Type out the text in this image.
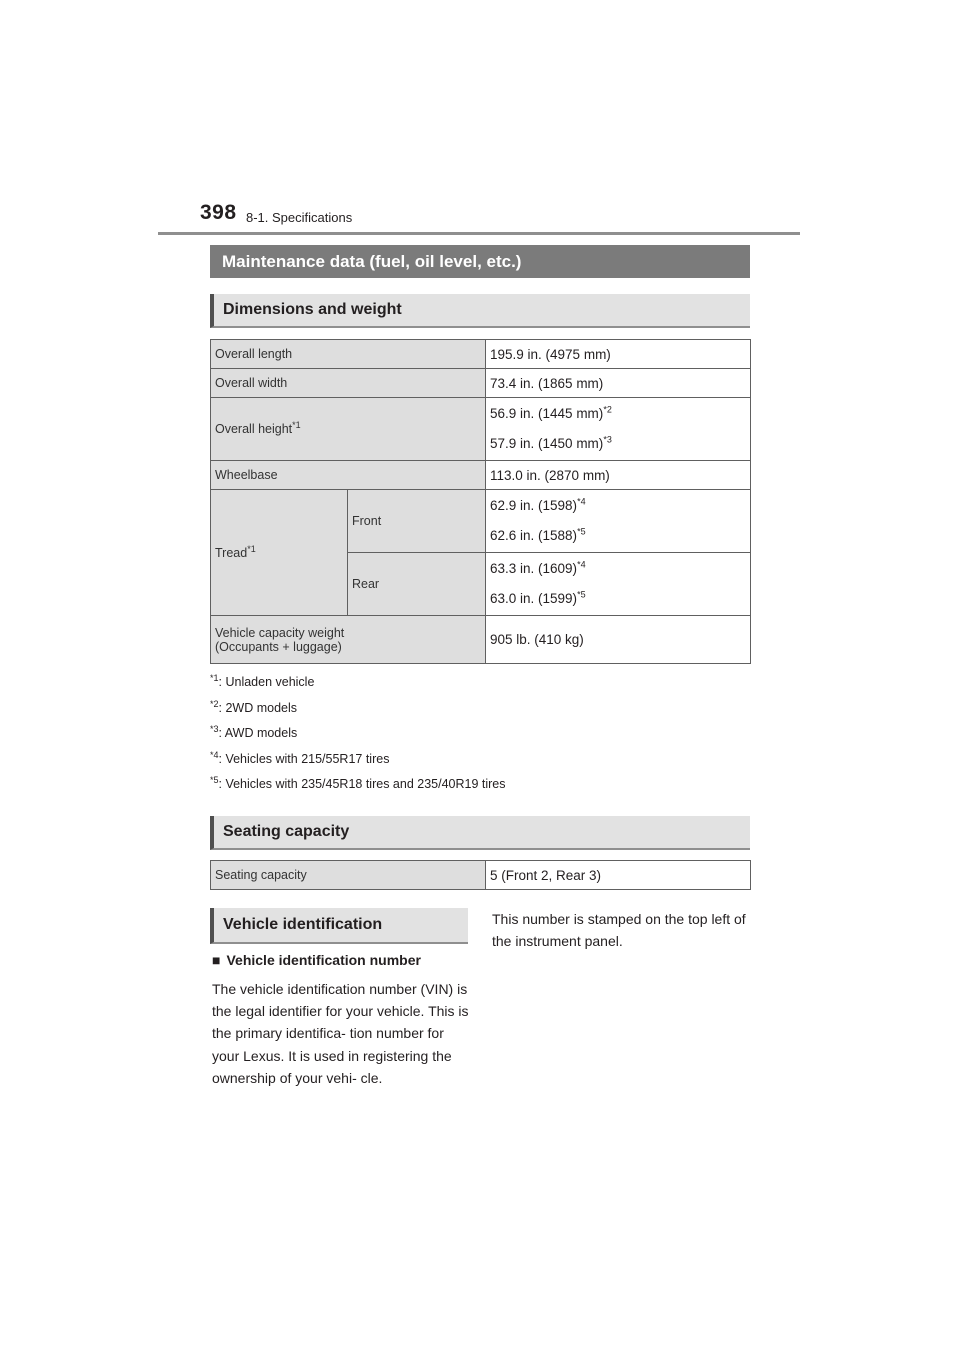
398 8-1. Specifications
Maintenance data (fuel, oil level, etc.)
Dimensions and weight
Overall length		195.9 in. (4975 mm)
Overall width		73.4 in. (1865 mm)
Overall height$^{*1}$		56.9 in. (1445 mm)$^{*2}$
57.9 in. (1450 mm)$^{*3}$

Wheelbase		113.0 in. (2870 mm)
Tread$^{*1}$	Front	62.9 in. $(1598)^{*4}$
62.6 in. $(1588)^{*5}$

	Rear	63.3 in. $(1609)^{*4}$
63.0 in. $(1599)^{*5}$

Vehicle capacity weight
(Occupants + luggage)		905 lb. (410 kg)
$^{*1}$: Unladen vehicle
$^{*2}$: 2WD models
$^{*3}$: AWD models
$^{*4}$: Vehicles with 215/55R17 tires
$^{*5}$: Vehicles with 235/45R18 tires and 235/40R19 tires
Seating capacity
Seating capacity	5 (Front 2, Rear 3)
Vehicle identification
■ Vehicle identification number
The vehicle identification number (VIN) is the legal identifier for your vehicle. This is the primary identifica- tion number for your Lexus. It is used in registering the ownership of your vehi- cle.
This number is stamped on the top left of the instrument panel.
